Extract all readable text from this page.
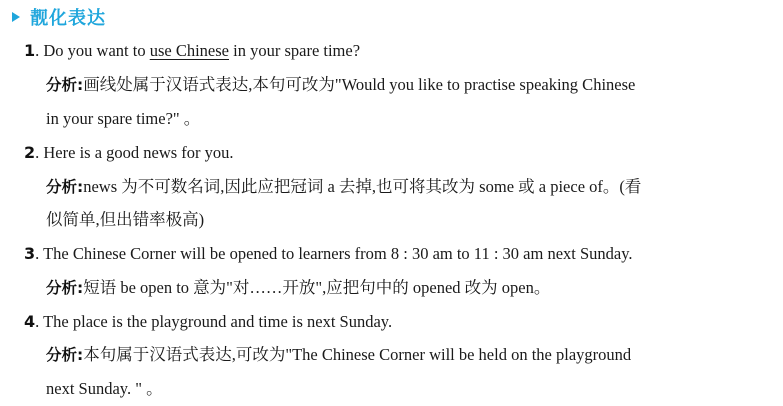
靓化表达
1. Do you want to use Chinese in your spare time?
分析:画线处属于汉语式表达,本句可改为"Would you like to practise speaking Chinese
in your spare time?" 。
2. Here is a good news for you.
分析:news 为不可数名词,因此应把冠词 a 去掉,也可将其改为 some 或 a piece of。(看
似简单,但出错率极高)
3. The Chinese Corner will be opened to learners from 8 : 30 am to 11 : 30 am next Sunday.
分析:短语 be open to 意为"对……开放",应把句中的 opened 改为 open。
4. The place is the playground and time is next Sunday.
分析:本句属于汉语式表达,可改为"The Chinese Corner will be held on the playground
next Sunday. " 。
